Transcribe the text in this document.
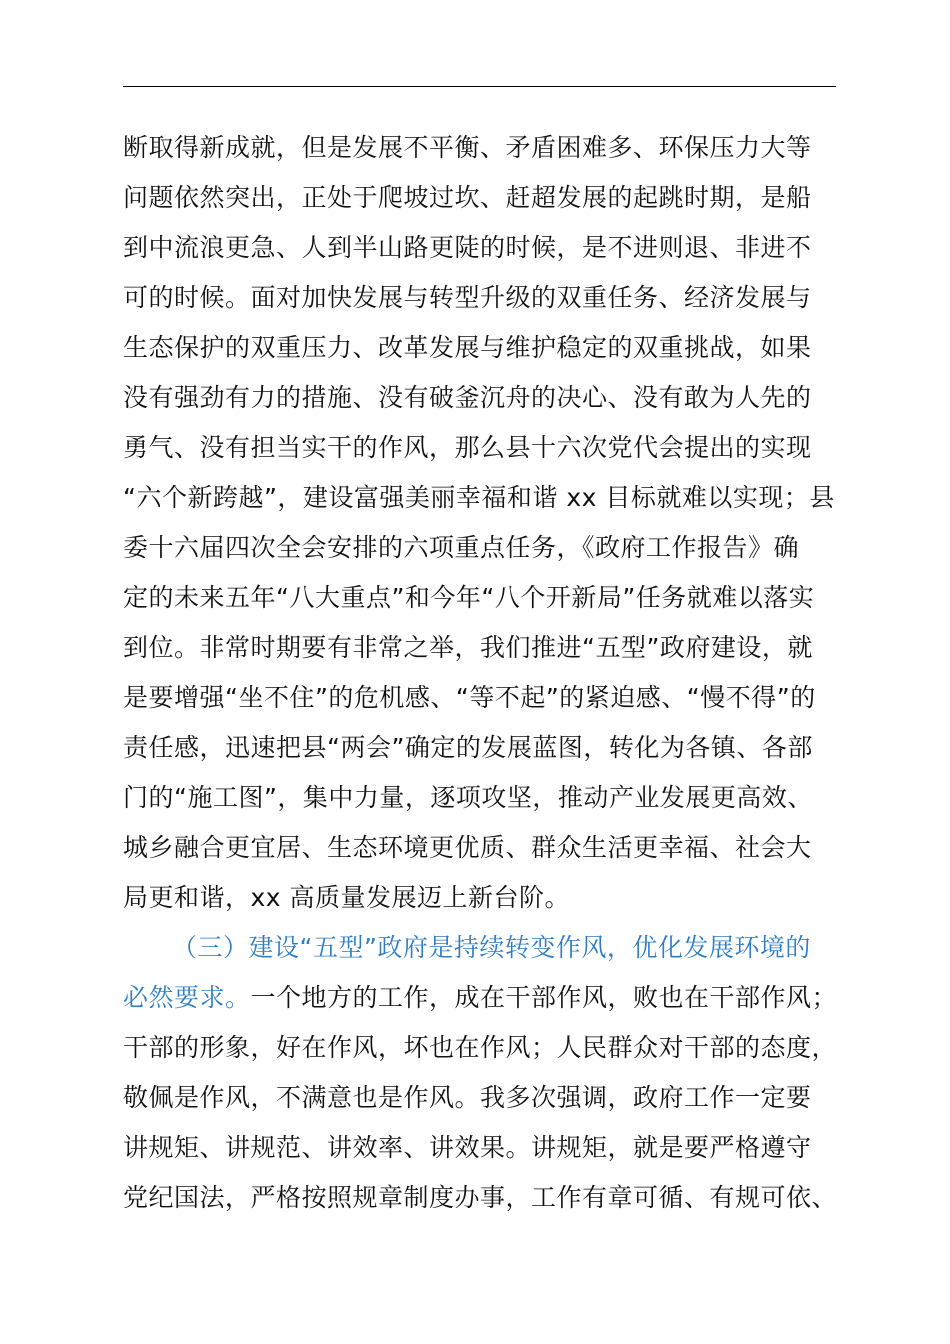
断取得新成就，但是发展不平衡、矛盾困难多、环保压力大等
问题依然突出，正处于爬坡过坎、赶超发展的起跳时期，是船
到中流浪更急、人到半山路更陡的时候，是不进则退、非进不
可的时候。面对加快发展与转型升级的双重任务、经济发展与
生态保护的双重压力、改革发展与维护稳定的双重挑战，如果
没有强劲有力的措施、没有破釜沉舟的决心、没有敢为人先的
勇气、没有担当实干的作风，那么县十六次党代会提出的实现
“六个新跨越”，建设富强美丽幸福和谐 xx 目标就难以实现；县
委十六届四次全会安排的六项重点任务，《政府工作报告》确
定的未来五年“八大重点”和今年“八个开新局”任务就难以落实
到位。非常时期要有非常之举，我们推进“五型”政府建设，就
是要增强“坐不住”的危机感、“等不起”的紧迫感、“慢不得”的
责任感，迅速把县“两会”确定的发展蓝图，转化为各镇、各部
门的“施工图”，集中力量，逐项攻坚，推动产业发展更高效、
城乡融合更宜居、生态环境更优质、群众生活更幸福、社会大
局更和谐，xx 高质量发展迈上新台阶。
（三）建设“五型”政府是持续转变作风，优化发展环境的
必然要求。一个地方的工作，成在干部作风，败也在干部作风；
干部的形象，好在作风，坏也在作风；人民群众对干部的态度，
敬佩是作风，不满意也是作风。我多次强调，政府工作一定要
讲规矩、讲规范、讲效率、讲效果。讲规矩，就是要严格遵守
党纪国法，严格按照规章制度办事，工作有章可循、有规可依、
